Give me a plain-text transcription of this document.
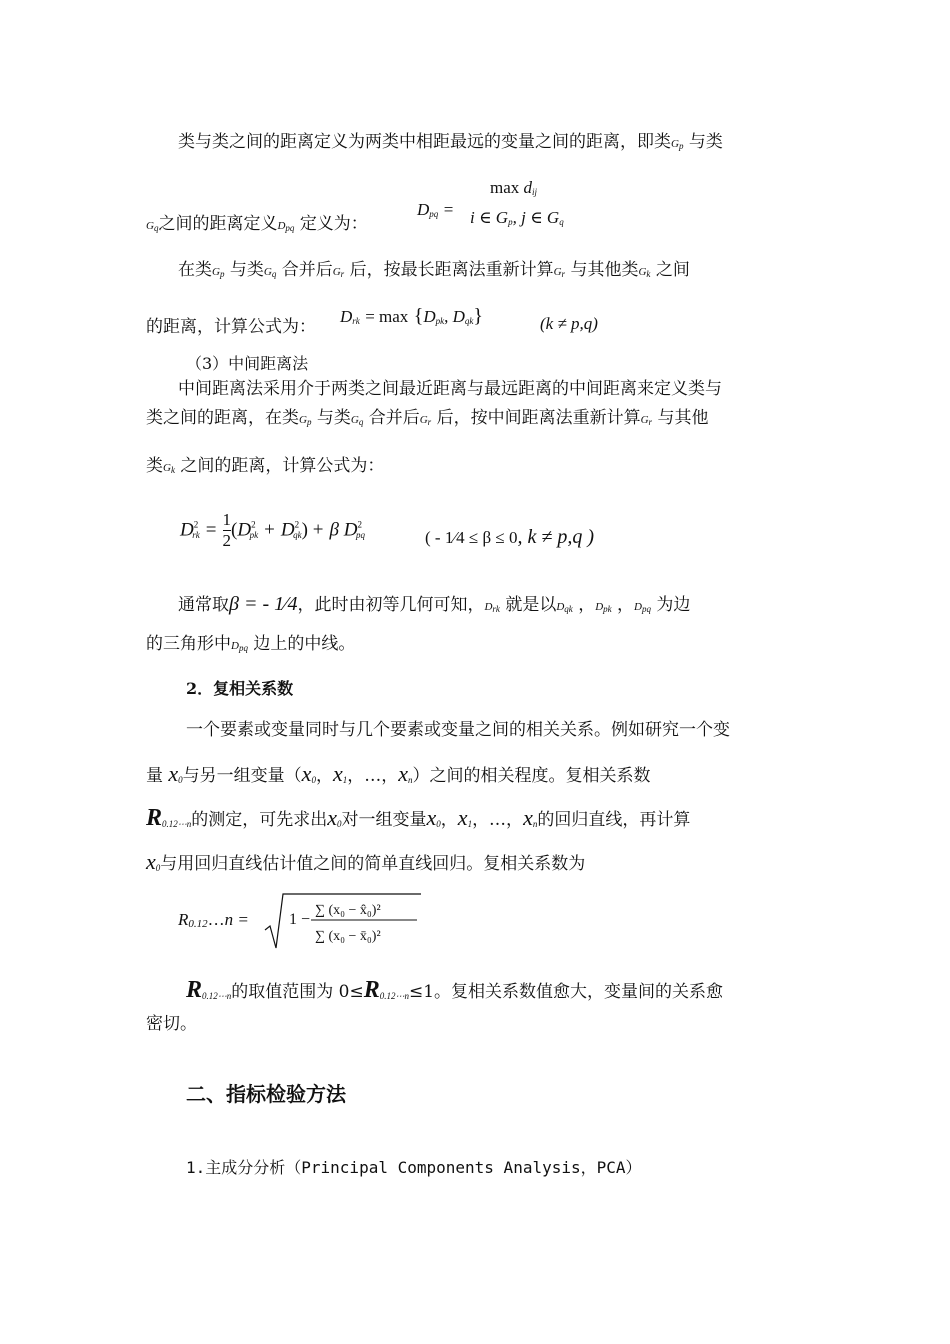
类与类之间的距离定义为两类中相距最远的变量之间的距离，即类$G_p$ 与类
$\max d_{ij}$
$D_{pq} = i$ ∈ $G_p$, j ∈ $G_q$
$G_q$之间的距离定义$D_{pq}$ 定义为：
在类$G_p$ 与类$G_q$ 合并后$G_r$ 后，按最长距离法重新计算$G_r$ 与其他类$G_k$ 之间
的距离，计算公式为：
$D_{rk} = \max \{D_{pk}$, $D_{qk}$}	(k ≠ p,q)
（3）中间距离法
中间距离法采用介于两类之间最近距离与最远距离的中间距离来定义类与
类之间的距离，在类$G_p$ 与类$G_q$ 合并后$G_r$ 后，按中间距离法重新计算$G_r$ 与其他
类$G_k$ 之间的距离，计算公式为：
$D^2_{rk} = \frac{1}{2} (D^2_{pk} + D^2_{qk}) + \beta$ $D^2_{pq}$	( - 1⁄4 ≤ β ≤ 0, k ≠ p,q )
通常取β = - 1⁄4，此时由初等几何可知，$D_{rk}$ 就是以$D_{qk}$ ，$D_{pk}$ ，$D_{pq}$ 为边
的三角形中$D_{pq}$ 边上的中线。
2．复相关系数
一个要素或变量同时与几个要素或变量之间的相关关系。例如研究一个变
量 $x_0$与另一组变量（$x_0$，$x_1$，…，$x_n$）之间的相关程度。复相关系数
$R_{0.12\cdots n}$的测定，可先求出$x_0$对一组变量$x_0$，$x_1$，…，$x_n$的回归直线，再计算
$x_0$与用回归直线估计值之间的简单直线回归。复相关系数为
R0.12…n =	1 −
∑ (x₀ − x̂₀)²
∑ (x₀ − x̄₀)²
$R_{0.12\cdots n}$的取值范围为 $0\le R_{0.12\cdots n}\le 1$。复相关系数值愈大，变量间的关系愈
密切。
二、指标检验方法
1.主成分分析（Principal Components Analysis，PCA）
